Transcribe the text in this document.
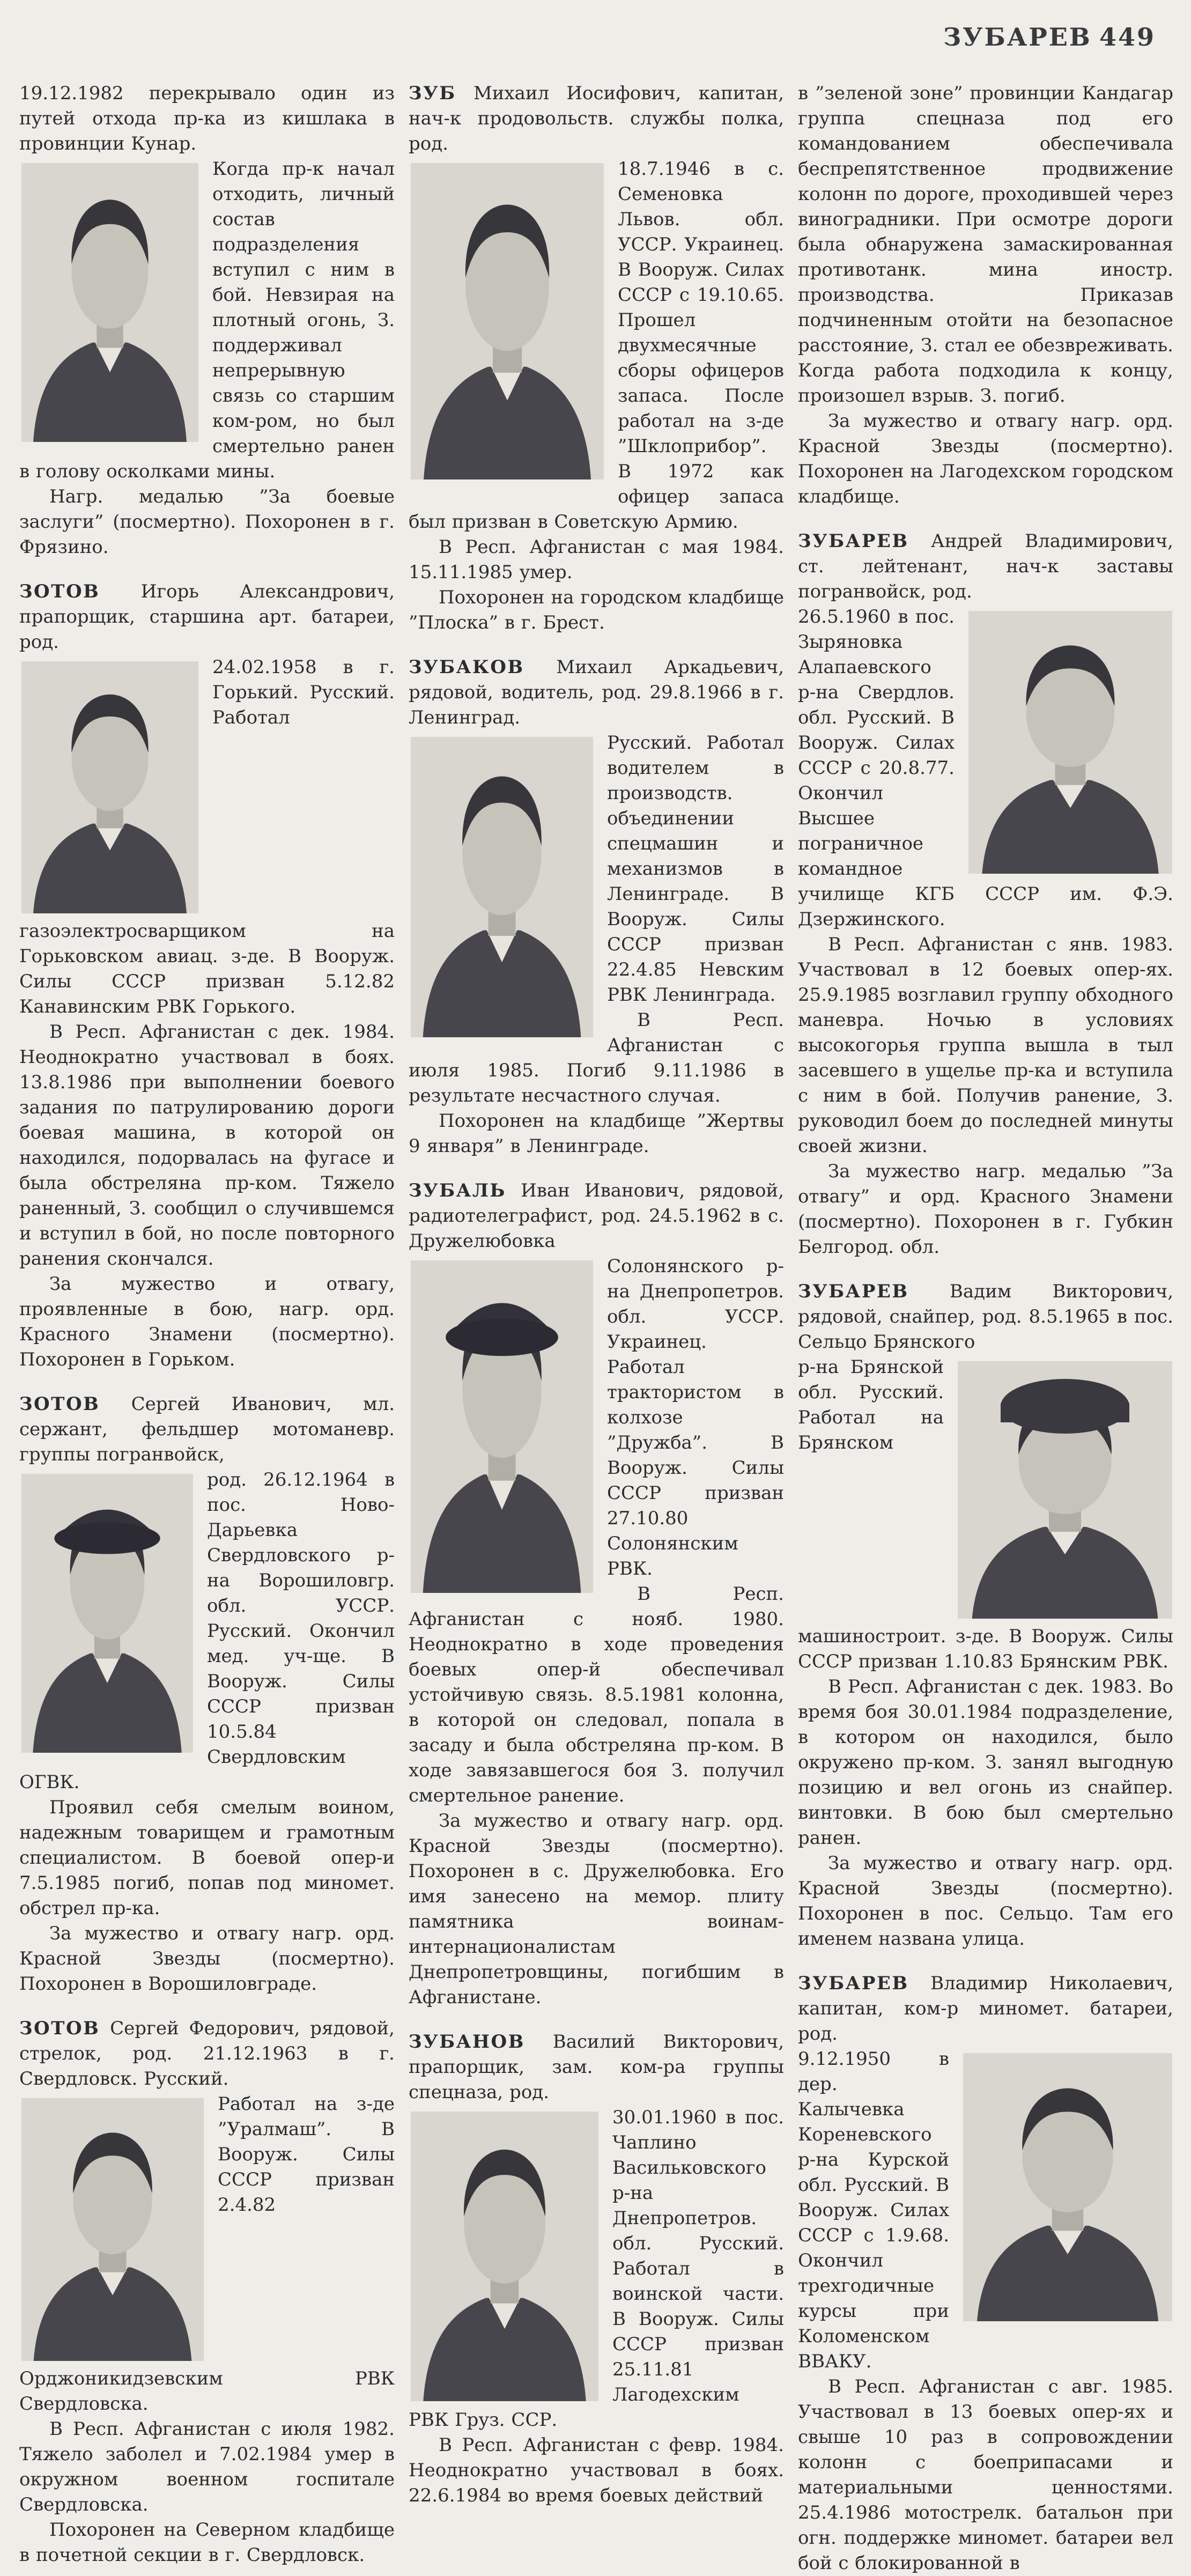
ЗУБАРЕВ 449

19.12.1982 перекрывало один из путей отхода пр-ка из кишлака в провинции Кунар.

Когда пр-к начал отходить, личный состав подразделения вступил с ним в бой. Невзирая на плотный огонь, З. поддерживал непрерывную связь со старшим ком-ром, но был смертельно ранен в голову осколками мины.

Нагр. медалью ”За боевые заслуги” (посмертно). Похоронен в г. Фрязино.

ЗОТОВ Игорь Александрович, прапорщик, старшина арт. батареи, род.

24.02.1958 в г. Горький. Русский. Работал газоэлектросварщиком на Горьковском авиац. з-де. В Вооруж. Силы СССР призван 5.12.82 Канавинским РВК Горького.

В Респ. Афганистан с дек. 1984. Неоднократно участвовал в боях. 13.8.1986 при выполнении боевого задания по патрулированию дороги боевая машина, в которой он находился, подорвалась на фугасе и была обстреляна пр-ком. Тяжело раненный, З. сообщил о случившемся и вступил в бой, но после повторного ранения скончался.

За мужество и отвагу, проявленные в бою, нагр. орд. Красного Знамени (посмертно). Похоронен в Горьком.

ЗОТОВ Сергей Иванович, мл. сержант, фельдшер мотоманевр. группы погранвойск,

род. 26.12.1964 в пос. Ново-Дарьевка Свердловского р-на Ворошиловгр. обл. УССР. Русский. Окончил мед. уч-ще. В Вооруж. Силы СССР призван 10.5.84 Свердловским ОГВК.

Проявил себя смелым воином, надежным товарищем и грамотным специалистом. В боевой опер-и 7.5.1985 погиб, попав под миномет. обстрел пр-ка.

За мужество и отвагу нагр. орд. Красной Звезды (посмертно). Похоронен в Ворошиловграде.

ЗОТОВ Сергей Федорович, рядовой, стрелок, род. 21.12.1963 в г. Свердловск. Русский.

Работал на з-де ”Уралмаш”. В Вооруж. Силы СССР призван 2.4.82 Орджоникидзевским РВК Свердловска.

В Респ. Афганистан с июля 1982. Тяжело заболел и 7.02.1984 умер в окружном военном госпитале Свердловска.

Похоронен на Северном кладбище в почетной секции в г. Свердловск.

ЗУБ Михаил Иосифович, капитан, нач-к продовольств. службы полка, род.

18.7.1946 в с. Семеновка Львов. обл. УССР. Украинец. В Вооруж. Силах СССР с 19.10.65. Прошел двухмесячные сборы офицеров запаса. После работал на з-де ”Шклоприбор”. В 1972 как офицер запаса был призван в Советскую Армию.

В Респ. Афганистан с мая 1984. 15.11.1985 умер.

Похоронен на городском кладбище ”Плоска” в г. Брест.

ЗУБАКОВ Михаил Аркадьевич, рядовой, водитель, род. 29.8.1966 в г. Ленинград.

Русский. Работал водителем в производств. объединении спецмашин и механизмов в Ленинграде. В Вооруж. Силы СССР призван 22.4.85 Невским РВК Ленинграда.

В Респ. Афганистан с июля 1985. Погиб 9.11.1986 в результате несчастного случая.

Похоронен на кладбище ”Жертвы 9 января” в Ленинграде.

ЗУБАЛЬ Иван Иванович, рядовой, радиотелеграфист, род. 24.5.1962 в с. Дружелюбовка

Солонянского р-на Днепропетров. обл. УССР. Украинец. Работал трактористом в колхозе ”Дружба”. В Вооруж. Силы СССР призван 27.10.80 Солонянским РВК.

В Респ. Афганистан с нояб. 1980. Неоднократно в ходе проведения боевых опер-й обеспечивал устойчивую связь. 8.5.1981 колонна, в которой он следовал, попала в засаду и была обстреляна пр-ком. В ходе завязавшегося боя З. получил смертельное ранение.

За мужество и отвагу нагр. орд. Красной Звезды (посмертно). Похоронен в с. Дружелюбовка. Его имя занесено на мемор. плиту памятника воинам-интернационалистам Днепропетровщины, погибшим в Афганистане.

ЗУБАНОВ Василий Викторович, прапорщик, зам. ком-ра группы спецназа, род.

30.01.1960 в пос. Чаплино Васильковского р-на Днепропетров. обл. Русский. Работал в воинской части. В Вооруж. Силы СССР призван 25.11.81 Лагодехским РВК Груз. ССР.

В Респ. Афганистан с февр. 1984. Неоднократно участвовал в боях. 22.6.1984 во время боевых действий

в ”зеленой зоне” провинции Кандагар группа спецназа под его командованием обеспечивала беспрепятственное продвижение колонн по дороге, проходившей через виноградники. При осмотре дороги была обнаружена замаскированная противотанк. мина иностр. производства. Приказав подчиненным отойти на безопасное расстояние, З. стал ее обезвреживать. Когда работа подходила к концу, произошел взрыв. З. погиб.

За мужество и отвагу нагр. орд. Красной Звезды (посмертно). Похоронен на Лагодехском городском кладбище.

ЗУБАРЕВ Андрей Владимирович, ст. лейтенант, нач-к заставы погранвойск, род.

26.5.1960 в пос. Зыряновка Алапаевского р-на Свердлов. обл. Русский. В Вооруж. Силах СССР с 20.8.77. Окончил Высшее пограничное командное училище КГБ СССР им. Ф.Э. Дзержинского.

В Респ. Афганистан с янв. 1983. Участвовал в 12 боевых опер-ях. 25.9.1985 возглавил группу обходного маневра. Ночью в условиях высокогорья группа вышла в тыл засевшего в ущелье пр-ка и вступила с ним в бой. Получив ранение, З. руководил боем до последней минуты своей жизни.

За мужество нагр. медалью ”За отвагу” и орд. Красного Знамени (посмертно). Похоронен в г. Губкин Белгород. обл.

ЗУБАРЕВ Вадим Викторович, рядовой, снайпер, род. 8.5.1965 в пос. Сельцо Брянского

р-на Брянской обл. Русский. Работал на Брянском машиностроит. з-де. В Вооруж. Силы СССР призван 1.10.83 Брянским РВК.

В Респ. Афганистан с дек. 1983. Во время боя 30.01.1984 подразделение, в котором он находился, было окружено пр-ком. З. занял выгодную позицию и вел огонь из снайпер. винтовки. В бою был смертельно ранен.

За мужество и отвагу нагр. орд. Красной Звезды (посмертно). Похоронен в пос. Сельцо. Там его именем названа улица.

ЗУБАРЕВ Владимир Николаевич, капитан, ком-р миномет. батареи, род.

9.12.1950 в дер. Калычевка Кореневского р-на Курской обл. Русский. В Вооруж. Силах СССР с 1.9.68. Окончил трехгодичные курсы при Коломенском ВВАКУ.

В Респ. Афганистан с авг. 1985. Участвовал в 13 боевых опер-ях и свыше 10 раз в сопровождении колонн с боеприпасами и материальными ценностями. 25.4.1986 мотострелк. батальон при огн. поддержке миномет. батареи вел бой с блокированной в
